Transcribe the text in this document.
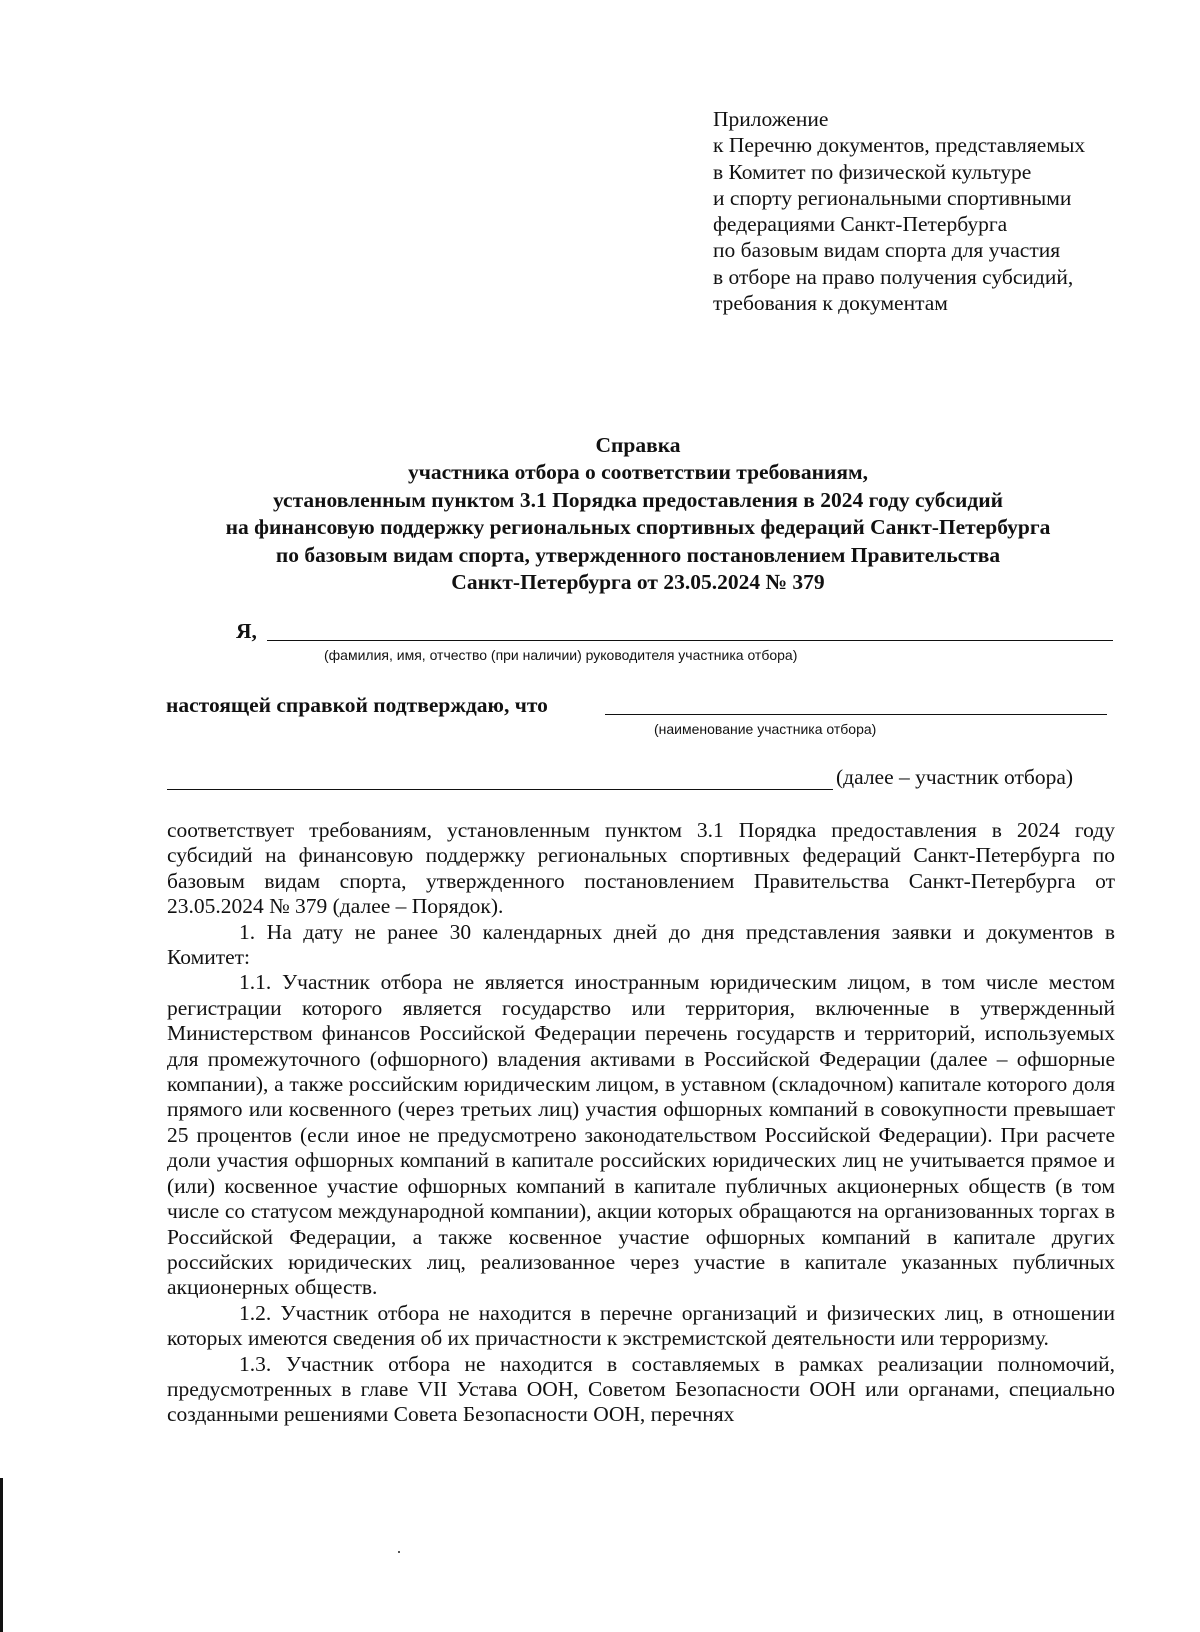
Приложение
к Перечню документов, представляемых
в Комитет по физической культуре
и спорту региональными спортивными
федерациями Санкт-Петербурга
по базовым видам спорта для участия
в отборе на право получения субсидий,
требования к документам
Справка
участника отбора о соответствии требованиям,
установленным пунктом 3.1 Порядка предоставления в 2024 году субсидий
на финансовую поддержку региональных спортивных федераций Санкт-Петербурга
по базовым видам спорта, утвержденного постановлением Правительства
Санкт-Петербурга от 23.05.2024 № 379
Я,
(фамилия, имя, отчество (при наличии) руководителя участника отбора)
настоящей справкой подтверждаю, что
(наименование участника отбора)
(далее – участник отбора)

соответствует требованиям, установленным пунктом 3.1 Порядка предоставления в 2024 году субсидий на финансовую поддержку региональных спортивных федераций Санкт-Петербурга по базовым видам спорта, утвержденного постановлением Правительства Санкт-Петербурга от 23.05.2024 № 379 (далее – Порядок).

1. На дату не ранее 30 календарных дней до дня представления заявки и документов в Комитет:

1.1. Участник отбора не является иностранным юридическим лицом, в том числе местом регистрации которого является государство или территория, включенные в утвержденный Министерством финансов Российской Федерации перечень государств и территорий, используемых для промежуточного (офшорного) владения активами в Российской Федерации (далее – офшорные компании), а также российским юридическим лицом, в уставном (складочном) капитале которого доля прямого или косвенного (через третьих лиц) участия офшорных компаний в совокупности превышает 25 процентов (если иное не предусмотрено законодательством Российской Федерации). При расчете доли участия офшорных компаний в капитале российских юридических лиц не учитывается прямое и (или) косвенное участие офшорных компаний в капитале публичных акционерных обществ (в том числе со статусом международной компании), акции которых обращаются на организованных торгах в Российской Федерации, а также косвенное участие офшорных компаний в капитале других российских юридических лиц, реализованное через участие в капитале указанных публичных акционерных обществ.

1.2. Участник отбора не находится в перечне организаций и физических лиц, в отношении которых имеются сведения об их причастности к экстремистской деятельности или терроризму.

1.3. Участник отбора не находится в составляемых в рамках реализации полномочий, предусмотренных в главе VII Устава ООН, Советом Безопасности ООН или органами, специально созданными решениями Совета Безопасности ООН, перечнях
